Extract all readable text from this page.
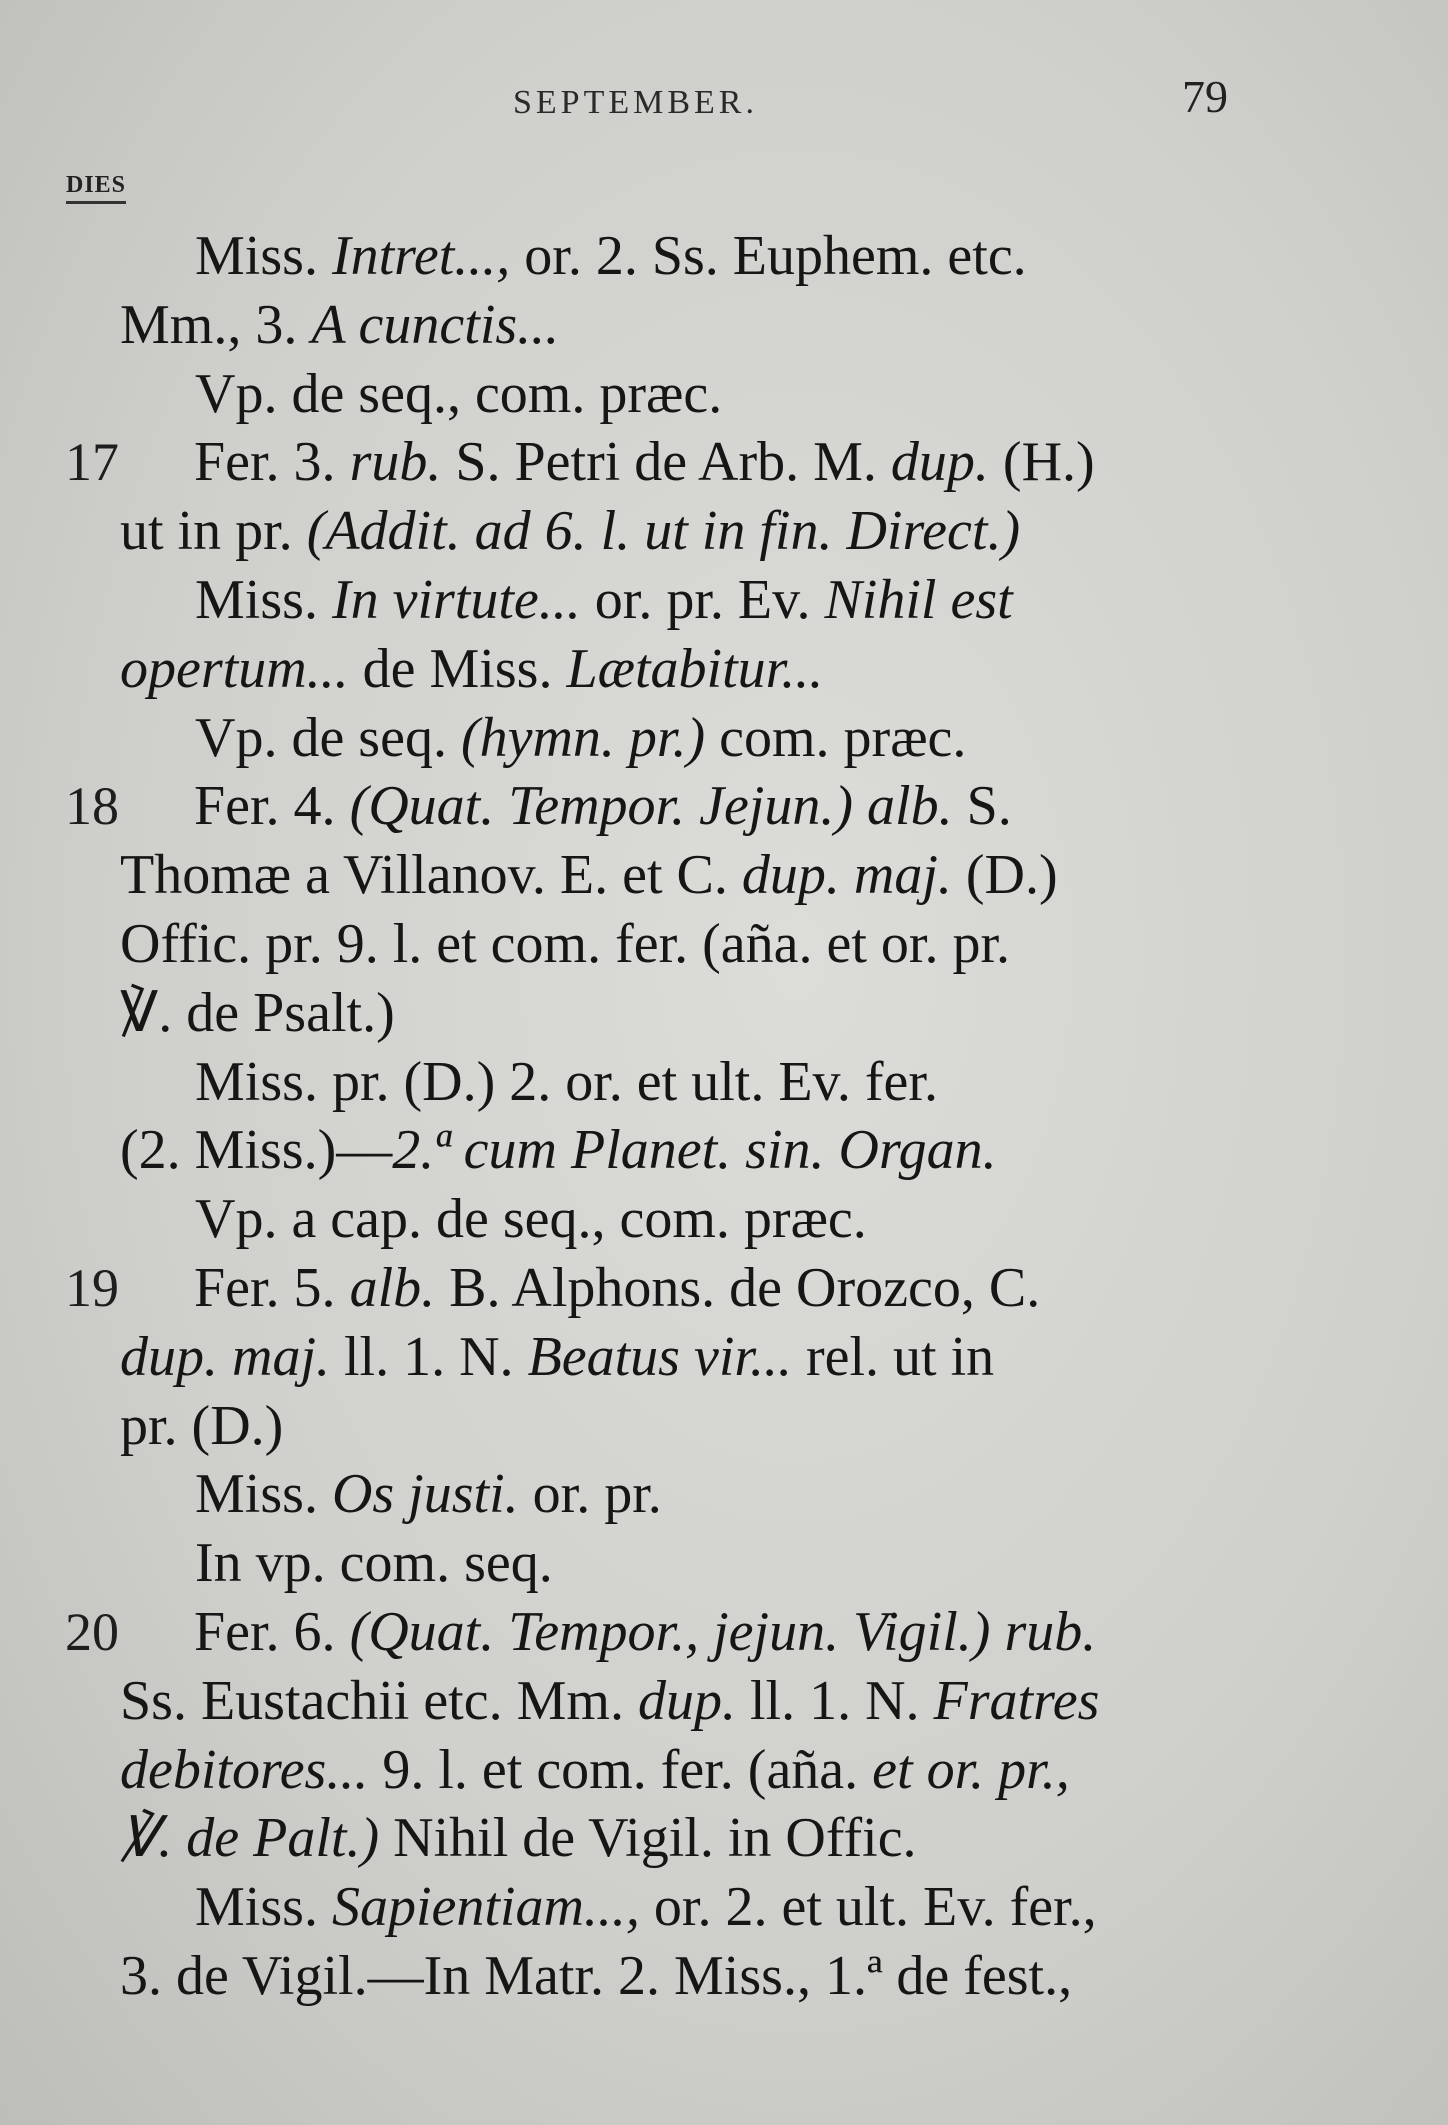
SEPTEMBER.	79
DIES
Miss. Intret..., or. 2. Ss. Euphem. etc.
Mm., 3. A cunctis...
Vp. de seq., com. præc.
17 Fer. 3. rub. S. Petri de Arb. M. dup. (H.)
ut in pr. (Addit. ad 6. l. ut in fin. Direct.)
Miss. In virtute... or. pr. Ev. Nihil est
opertum... de Miss. Lætabitur...
Vp. de seq. (hymn. pr.) com. præc.
18 Fer. 4. (Quat. Tempor. Jejun.) alb. S.
Thomæ a Villanov. E. et C. dup. maj. (D.)
Offic. pr. 9. l. et com. fer. (aña. et or. pr.
℣. de Psalt.)
Miss. pr. (D.) 2. or. et ult. Ev. fer.
(2. Miss.)—2.ª cum Planet. sin. Organ.
Vp. a cap. de seq., com. præc.
19 Fer. 5. alb. B. Alphons. de Orozco, C.
dup. maj. ll. 1. N. Beatus vir... rel. ut in
pr. (D.)
Miss. Os justi. or. pr.
In vp. com. seq.
20 Fer. 6. (Quat. Tempor., jejun. Vigil.) rub.
Ss. Eustachii etc. Mm. dup. ll. 1. N. Fratres
debitores... 9. l. et com. fer. (aña. et or. pr.,
℣. de Palt.) Nihil de Vigil. in Offic.
Miss. Sapientiam..., or. 2. et ult. Ev. fer.,
3. de Vigil.—In Matr. 2. Miss., 1.ª de fest.,
